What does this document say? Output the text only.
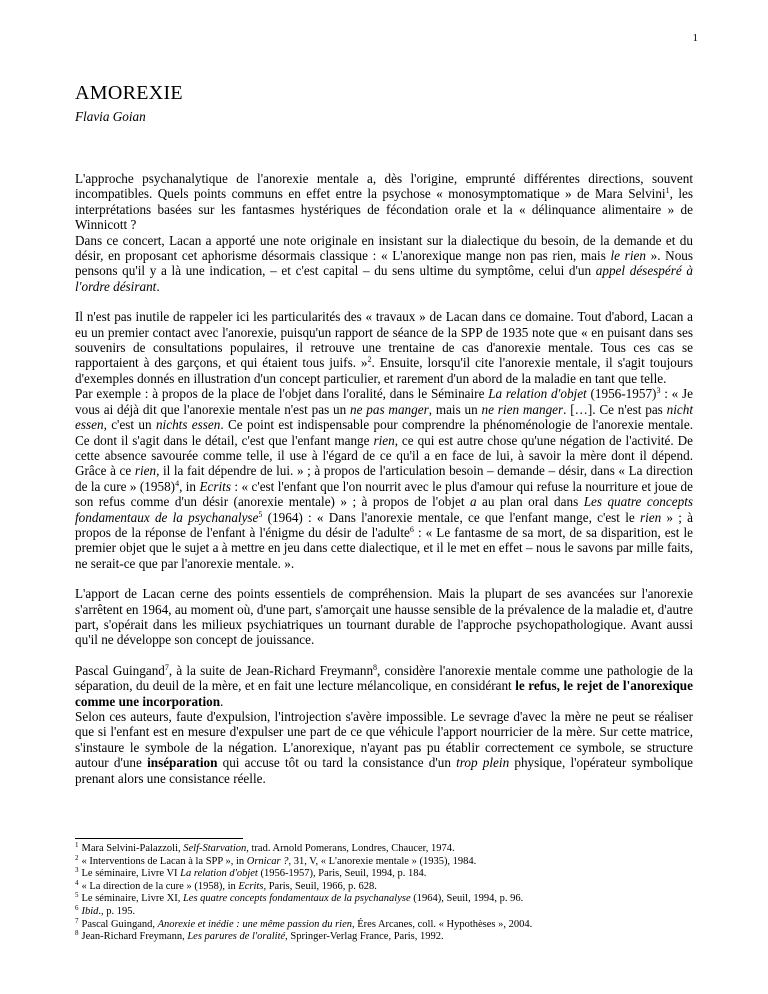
1
AMOREXIE
Flavia Goian

L'approche psychanalytique de l'anorexie mentale a, dès l'origine, emprunté différentes directions, souvent incompatibles. Quels points communs en effet entre la psychose « monosymptomatique » de Mara Selvini$^1$, les interprétations basées sur les fantasmes hystériques de fécondation orale et la « délinquance alimentaire » de Winnicott ?

Dans ce concert, Lacan a apporté une note originale en insistant sur la dialectique du besoin, de la demande et du désir, en proposant cet aphorisme désormais classique : « L'anorexique mange non pas rien, mais le rien ». Nous pensons qu'il y a là une indication, – et c'est capital – du sens ultime du symptôme, celui d'un appel désespéré à l'ordre désirant.

Il n'est pas inutile de rappeler ici les particularités des « travaux » de Lacan dans ce domaine. Tout d'abord, Lacan a eu un premier contact avec l'anorexie, puisqu'un rapport de séance de la SPP de 1935 note que « en puisant dans ses souvenirs de consultations populaires, il retrouve une trentaine de cas d'anorexie mentale. Tous ces cas se rapportaient à des garçons, et qui étaient tous juifs. »$^2$. Ensuite, lorsqu'il cite l'anorexie mentale, il s'agit toujours d'exemples donnés en illustration d'un concept particulier, et rarement d'un abord de la maladie en tant que telle.

Par exemple : à propos de la place de l'objet dans l'oralité, dans le Séminaire La relation d'objet (1956-1957)$^3$ : « Je vous ai déjà dit que l'anorexie mentale n'est pas un ne pas manger, mais un ne rien manger. […]. Ce n'est pas nicht essen, c'est un nichts essen. Ce point est indispensable pour comprendre la phénoménologie de l'anorexie mentale. Ce dont il s'agit dans le détail, c'est que l'enfant mange rien, ce qui est autre chose qu'une négation de l'activité. De cette absence savourée comme telle, il use à l'égard de ce qu'il a en face de lui, à savoir la mère dont il dépend. Grâce à ce rien, il la fait dépendre de lui. » ; à propos de l'articulation besoin – demande – désir, dans « La direction de la cure » $(1958)^4$, in Ecrits : « c'est l'enfant que l'on nourrit avec le plus d'amour qui refuse la nourriture et joue de son refus comme d'un désir (anorexie mentale) » ; à propos de l'objet a au plan oral dans Les quatre concepts fondamentaux de la psychanalyse$^5$ (1964) : « Dans l'anorexie mentale, ce que l'enfant mange, c'est le rien » ; à propos de la réponse de l'enfant à l'énigme du désir de l'adulte$^6$ : « Le fantasme de sa mort, de sa disparition, est le premier objet que le sujet a à mettre en jeu dans cette dialectique, et il le met en effet – nous le savons par mille faits, ne serait-ce que par l'anorexie mentale. ».

L'apport de Lacan cerne des points essentiels de compréhension. Mais la plupart de ses avancées sur l'anorexie s'arrêtent en 1964, au moment où, d'une part, s'amorçait une hausse sensible de la prévalence de la maladie et, d'autre part, s'opérait dans les milieux psychiatriques un tournant durable de l'approche psychopathologique. Avant aussi qu'il ne développe son concept de jouissance.

Pascal Guingand$^7$, à la suite de Jean-Richard Freymann$^8$, considère l'anorexie mentale comme une pathologie de la séparation, du deuil de la mère, et en fait une lecture mélancolique, en considérant le refus, le rejet de l'anorexique comme une incorporation.

Selon ces auteurs, faute d'expulsion, l'introjection s'avère impossible. Le sevrage d'avec la mère ne peut se réaliser que si l'enfant est en mesure d'expulser une part de ce que véhicule l'apport nourricier de la mère. Sur cette matrice, s'instaure le symbole de la négation. L'anorexique, n'ayant pas pu établir correctement ce symbole, se structure autour d'une inséparation qui accuse tôt ou tard la consistance d'un trop plein physique, l'opérateur symbolique prenant alors une consistance réelle.

$^1$ Mara Selvini-Palazzoli, Self-Starvation, trad. Arnold Pomerans, Londres, Chaucer, 1974.
$^2$ « Interventions de Lacan à la SPP », in Ornicar ?, 31, V, « L'anorexie mentale » (1935), 1984.
$^3$ Le séminaire, Livre VI La relation d'objet (1956-1957), Paris, Seuil, 1994, p. 184.
$^4$ « La direction de la cure » (1958), in Ecrits, Paris, Seuil, 1966, p. 628.
$^5$ Le séminaire, Livre XI, Les quatre concepts fondamentaux de la psychanalyse (1964), Seuil, 1994, p. 96.
$^6$ Ibid., p. 195.
$^7$ Pascal Guingand, Anorexie et inédie : une même passion du rien, Éres Arcanes, coll. « Hypothèses », 2004.
$^8$ Jean-Richard Freymann, Les parures de l'oralité, Springer-Verlag France, Paris, 1992.
